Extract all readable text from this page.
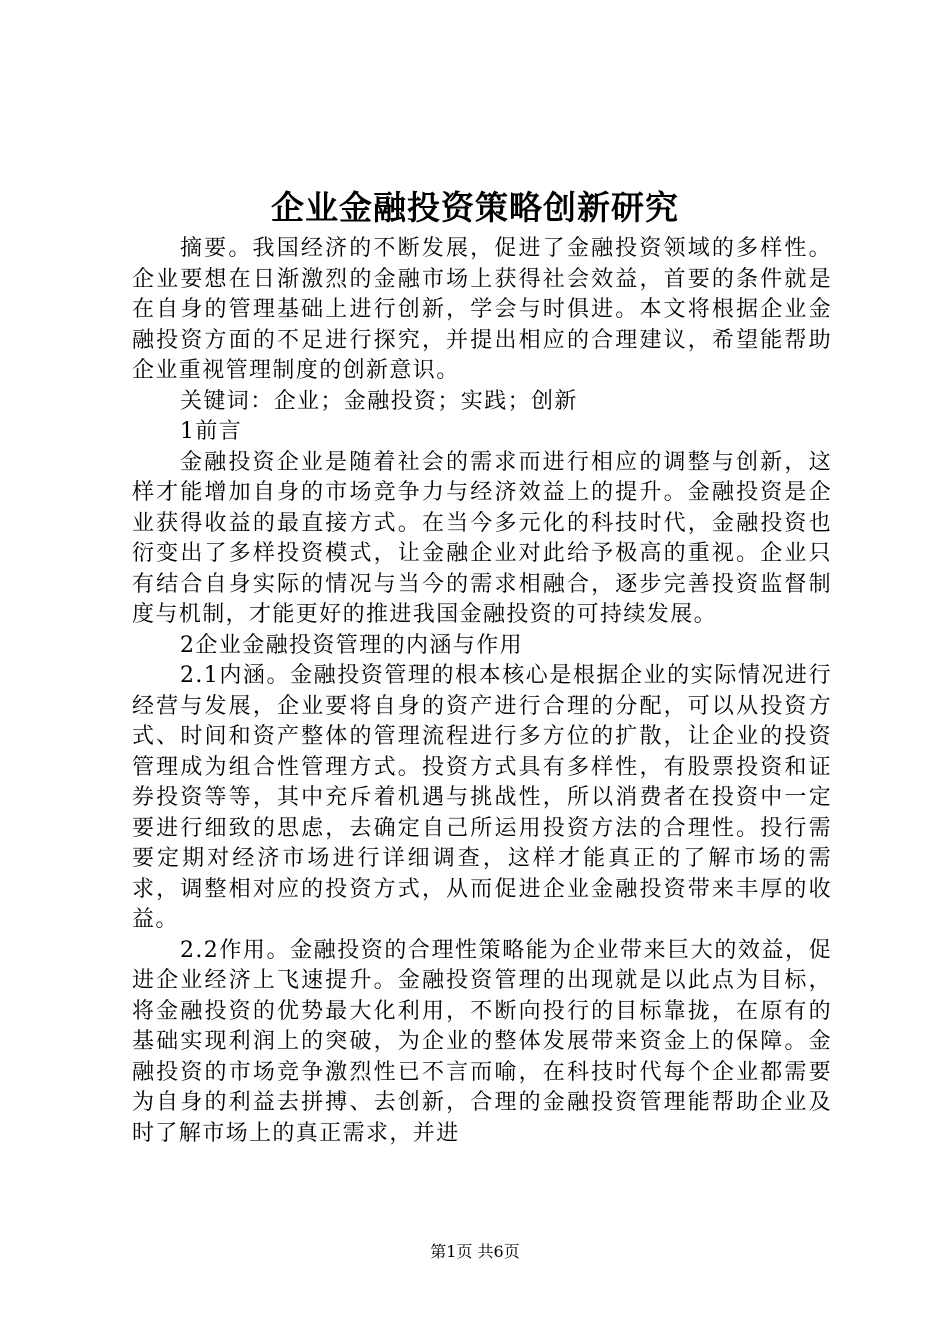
企业金融投资策略创新研究

摘要。我国经济的不断发展，促进了金融投资领域的多样性。企业要想在日渐激烈的金融市场上获得社会效益，首要的条件就是在自身的管理基础上进行创新，学会与时俱进。本文将根据企业金融投资方面的不足进行探究，并提出相应的合理建议，希望能帮助企业重视管理制度的创新意识。

关键词：企业；金融投资；实践；创新

1前言

金融投资企业是随着社会的需求而进行相应的调整与创新，这样才能增加自身的市场竞争力与经济效益上的提升。金融投资是企业获得收益的最直接方式。在当今多元化的科技时代，金融投资也衍变出了多样投资模式，让金融企业对此给予极高的重视。企业只有结合自身实际的情况与当今的需求相融合，逐步完善投资监督制度与机制，才能更好的推进我国金融投资的可持续发展。

2企业金融投资管理的内涵与作用

2.1内涵。金融投资管理的根本核心是根据企业的实际情况进行经营与发展，企业要将自身的资产进行合理的分配，可以从投资方式、时间和资产整体的管理流程进行多方位的扩散，让企业的投资管理成为组合性管理方式。投资方式具有多样性，有股票投资和证券投资等等，其中充斥着机遇与挑战性，所以消费者在投资中一定要进行细致的思虑，去确定自己所运用投资方法的合理性。投行需要定期对经济市场进行详细调查，这样才能真正的了解市场的需求，调整相对应的投资方式，从而促进企业金融投资带来丰厚的收益。

2.2作用。金融投资的合理性策略能为企业带来巨大的效益，促进企业经济上飞速提升。金融投资管理的出现就是以此点为目标，将金融投资的优势最大化利用，不断向投行的目标靠拢，在原有的基础实现利润上的突破，为企业的整体发展带来资金上的保障。金融投资的市场竞争激烈性已不言而喻，在科技时代每个企业都需要为自身的利益去拼搏、去创新，合理的金融投资管理能帮助企业及时了解市场上的真正需求，并进

第1页 共6页
